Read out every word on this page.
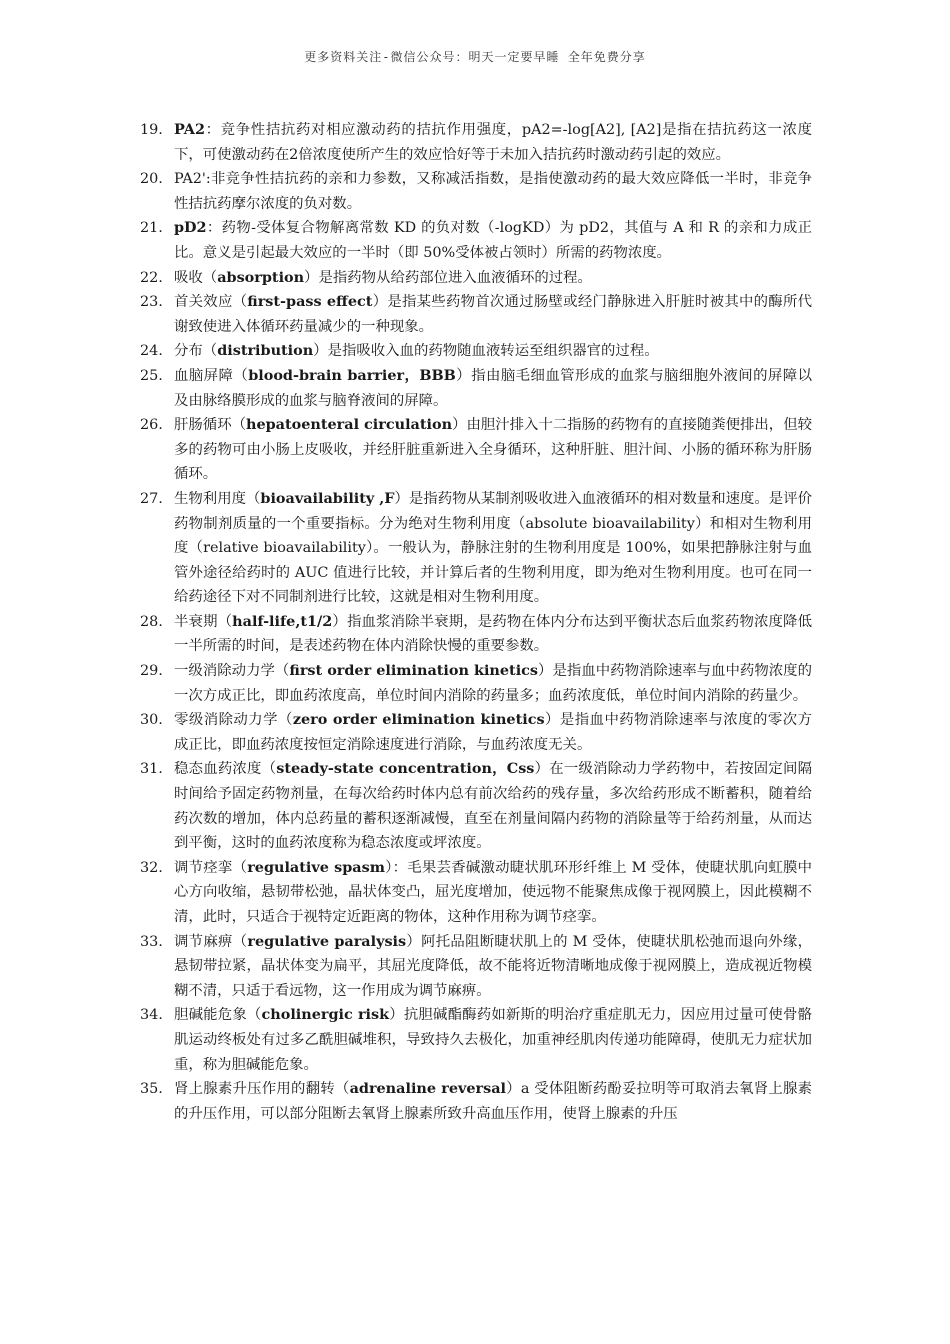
更多资料关注-微信公众号：明天一定要早睡 全年免费分享
19. PA2：竞争性拮抗药对相应激动药的拮抗作用强度，pA2=-log[A2], [A2]是指在拮抗药这一浓度下，可使激动药在2倍浓度使所产生的效应恰好等于未加入拮抗药时激动药引起的效应。
20. PA2':非竞争性拮抗药的亲和力参数，又称减活指数，是指使激动药的最大效应降低一半时，非竞争性拮抗药摩尔浓度的负对数。
21. pD2：药物-受体复合物解离常数 KD 的负对数（-logKD）为 pD2，其值与 A 和 R 的亲和力成正比。意义是引起最大效应的一半时（即 50%受体被占领时）所需的药物浓度。
22. 吸收（absorption）是指药物从给药部位进入血液循环的过程。
23. 首关效应（first-pass effect）是指某些药物首次通过肠壁或经门静脉进入肝脏时被其中的酶所代谢致使进入体循环药量减少的一种现象。
24. 分布（distribution）是指吸收入血的药物随血液转运至组织器官的过程。
25. 血脑屏障（blood-brain barrier，BBB）指由脑毛细血管形成的血浆与脑细胞外液间的屏障以及由脉络膜形成的血浆与脑脊液间的屏障。
26. 肝肠循环（hepatoenteral circulation）由胆汁排入十二指肠的药物有的直接随粪便排出，但较多的药物可由小肠上皮吸收，并经肝脏重新进入全身循环，这种肝脏、胆汁间、小肠的循环称为肝肠循环。
27. 生物利用度（bioavailability ,F）是指药物从某制剂吸收进入血液循环的相对数量和速度。是评价药物制剂质量的一个重要指标。分为绝对生物利用度（absolute bioavailability）和相对生物利用度（relative bioavailability）。一般认为，静脉注射的生物利用度是 100%，如果把静脉注射与血管外途径给药时的 AUC 值进行比较，并计算后者的生物利用度，即为绝对生物利用度。也可在同一给药途径下对不同制剂进行比较，这就是相对生物利用度。
28. 半衰期（half-life,t1/2）指血浆消除半衰期，是药物在体内分布达到平衡状态后血浆药物浓度降低一半所需的时间，是表述药物在体内消除快慢的重要参数。
29. 一级消除动力学（first order elimination kinetics）是指血中药物消除速率与血中药物浓度的一次方成正比，即血药浓度高，单位时间内消除的药量多；血药浓度低，单位时间内消除的药量少。
30. 零级消除动力学（zero order elimination kinetics）是指血中药物消除速率与浓度的零次方成正比，即血药浓度按恒定消除速度进行消除，与血药浓度无关。
31. 稳态血药浓度（steady-state concentration，Css）在一级消除动力学药物中，若按固定间隔时间给予固定药物剂量，在每次给药时体内总有前次给药的残存量，多次给药形成不断蓄积，随着给药次数的增加，体内总药量的蓄积逐渐减慢，直至在剂量间隔内药物的消除量等于给药剂量，从而达到平衡，这时的血药浓度称为稳态浓度或坪浓度。
32. 调节痉挛（regulative spasm）：毛果芸香碱激动睫状肌环形纤维上 M 受体，使睫状肌向虹膜中心方向收缩，悬韧带松弛，晶状体变凸，屈光度增加，使远物不能聚焦成像于视网膜上，因此模糊不清，此时，只适合于视特定近距离的物体，这种作用称为调节痉挛。
33. 调节麻痹（regulative paralysis）阿托品阻断睫状肌上的 M 受体，使睫状肌松弛而退向外缘，悬韧带拉紧，晶状体变为扁平，其屈光度降低，故不能将近物清晰地成像于视网膜上，造成视近物模糊不清，只适于看远物，这一作用成为调节麻痹。
34. 胆碱能危象（cholinergic risk）抗胆碱酯酶药如新斯的明治疗重症肌无力，因应用过量可使骨骼肌运动终板处有过多乙酰胆碱堆积，导致持久去极化，加重神经肌肉传递功能障碍，使肌无力症状加重，称为胆碱能危象。
35. 肾上腺素升压作用的翻转（adrenaline reversal）a 受体阻断药酚妥拉明等可取消去氧肾上腺素的升压作用，可以部分阻断去氧肾上腺素所致升高血压作用，使肾上腺素的升压
